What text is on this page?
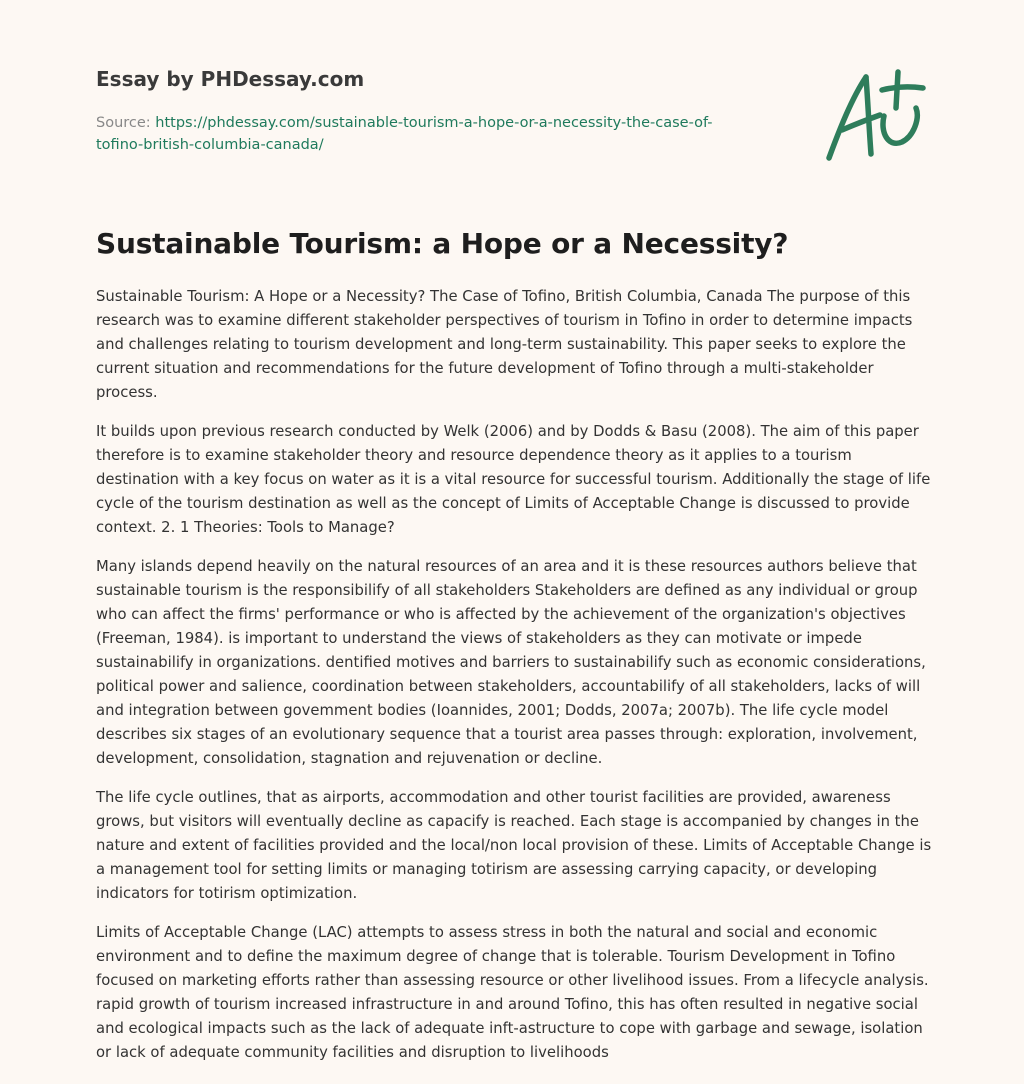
Essay by PHDessay.com

Source: https://phdessay.com/sustainable-tourism-a-hope-or-a-necessity-the-case-of-
tofino-british-columbia-canada/

Sustainable Tourism: a Hope or a Necessity?

Sustainable Tourism: A Hope or a Necessity? The Case of Tofino, British Columbia, Canada The purpose of this research was to examine different stakeholder perspectives of tourism in Tofino in order to determine impacts and challenges relating to tourism development and long-term sustainability. This paper seeks to explore the current situation and recommendations for the future development of Tofino through a multi-stakeholder process.

It builds upon previous research conducted by Welk (2006) and by Dodds & Basu (2008). The aim of this paper therefore is to examine stakeholder theory and resource dependence theory as it applies to a tourism destination with a key focus on water as it is a vital resource for successful tourism. Additionally the stage of life cycle of the tourism destination as well as the concept of Limits of Acceptable Change is discussed to provide context. 2. 1 Theories: Tools to Manage?

Many islands depend heavily on the natural resources of an area and it is these resources authors believe that sustainable tourism is the responsibilify of all stakeholders Stakeholders are defined as any individual or group who can affect the firms' performance or who is affected by the achievement of the organization's objectives (Freeman, 1984). is important to understand the views of stakeholders as they can motivate or impede sustainabilify in organizations. dentified motives and barriers to sustainabilify such as economic considerations, political power and salience, coordination between stakeholders, accountabilify of all stakeholders, lacks of will and integration between govemment bodies (Ioannides, 2001; Dodds, 2007a; 2007b). The life cycle model describes six stages of an evolutionary sequence that a tourist area passes through: exploration, involvement, development, consolidation, stagnation and rejuvenation or decline.

The life cycle outlines, that as airports, accommodation and other tourist facilities are provided, awareness grows, but visitors will eventually decline as capacify is reached. Each stage is accompanied by changes in the nature and extent of facilities provided and the local/non local provision of these. Limits of Acceptable Change is a management tool for setting limits or managing totirism are assessing carrying capacity, or developing indicators for totirism optimization.

Limits of Acceptable Change (LAC) attempts to assess stress in both the natural and social and economic environment and to define the maximum degree of change that is tolerable. Tourism Development in Tofino focused on marketing efforts rather than assessing resource or other livelihood issues. From a lifecycle analysis. rapid growth of tourism increased infrastructure in and around Tofino, this has often resulted in negative social and ecological impacts such as the lack of adequate inft-astructure to cope with garbage and sewage, isolation or lack of adequate community facilities and disruption to livelihoods
